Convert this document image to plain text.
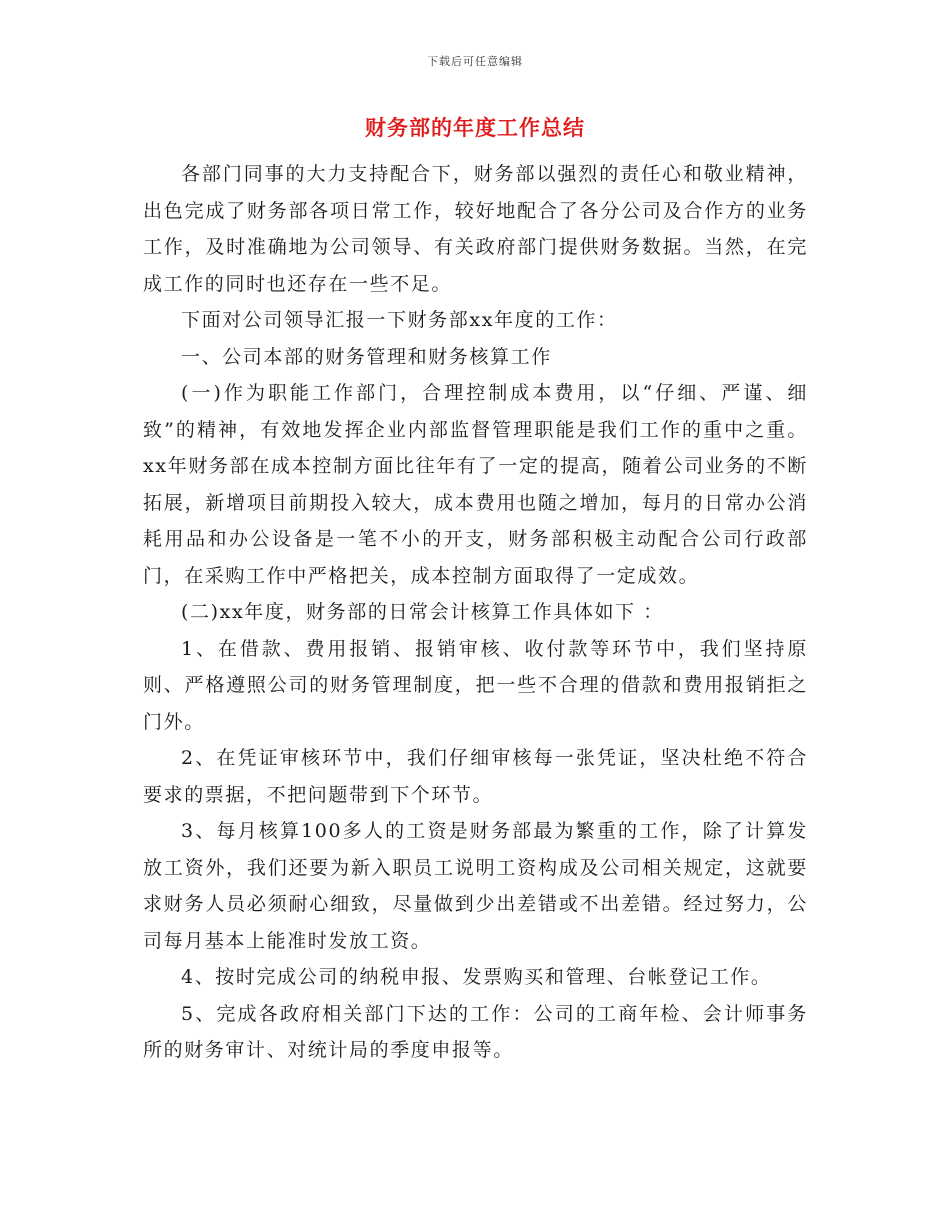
下载后可任意编辑
财务部的年度工作总结

各部门同事的大力支持配合下，财务部以强烈的责任心和敬业精神，出色完成了财务部各项日常工作，较好地配合了各分公司及合作方的业务工作，及时准确地为公司领导、有关政府部门提供财务数据。当然，在完成工作的同时也还存在一些不足。

下面对公司领导汇报一下财务部xx年度的工作：

一、公司本部的财务管理和财务核算工作

(一)作为职能工作部门，合理控制成本费用，以“仔细、严谨、细致”的精神，有效地发挥企业内部监督管理职能是我们工作的重中之重。xx年财务部在成本控制方面比往年有了一定的提高，随着公司业务的不断拓展，新增项目前期投入较大，成本费用也随之增加，每月的日常办公消耗用品和办公设备是一笔不小的开支，财务部积极主动配合公司行政部门，在采购工作中严格把关，成本控制方面取得了一定成效。

(二)xx年度，财务部的日常会计核算工作具体如下 ：

1、在借款、费用报销、报销审核、收付款等环节中，我们坚持原则、严格遵照公司的财务管理制度，把一些不合理的借款和费用报销拒之门外。

2、在凭证审核环节中，我们仔细审核每一张凭证，坚决杜绝不符合要求的票据，不把问题带到下个环节。

3、每月核算100多人的工资是财务部最为繁重的工作，除了计算发放工资外，我们还要为新入职员工说明工资构成及公司相关规定，这就要求财务人员必须耐心细致，尽量做到少出差错或不出差错。经过努力，公司每月基本上能准时发放工资。

4、按时完成公司的纳税申报、发票购买和管理、台帐登记工作。

5、完成各政府相关部门下达的工作：公司的工商年检、会计师事务所的财务审计、对统计局的季度申报等。
